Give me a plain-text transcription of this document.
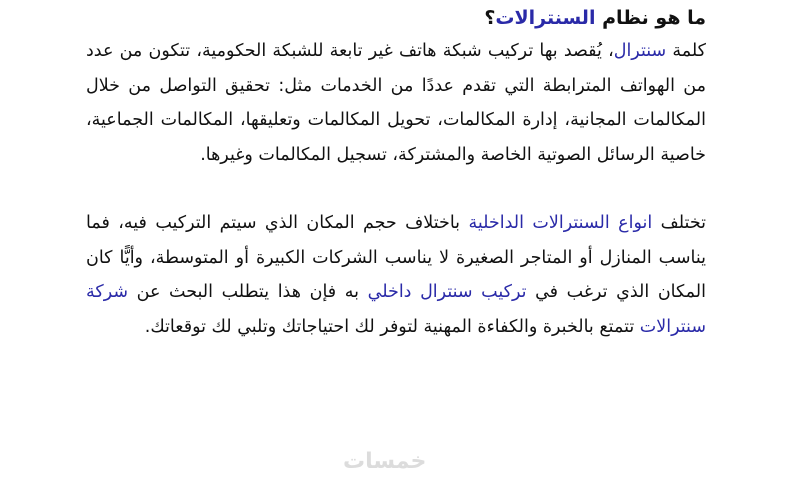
ما هو نظام السنترالات؟

كلمة سنترال، يُقصد بها تركيب شبكة هاتف غير تابعة للشبكة الحكومية، تتكون من عدد من الهواتف المترابطة التي تقدم عددًا من الخدمات مثل: تحقيق التواصل من خلال المكالمات المجانية، إدارة المكالمات، تحويل المكالمات وتعليقها، المكالمات الجماعية، خاصية الرسائل الصوتية الخاصة والمشتركة، تسجيل المكالمات وغيرها.

تختلف انواع السنترالات الداخلية باختلاف حجم المكان الذي سيتم التركيب فيه، فما يناسب المنازل أو المتاجر الصغيرة لا يناسب الشركات الكبيرة أو المتوسطة، وأيًّا كان المكان الذي ترغب في تركيب سنترال داخلي به فإن هذا يتطلب البحث عن شركة سنترالات تتمتع بالخبرة والكفاءة المهنية لتوفر لك احتياجاتك وتلبي لك توقعاتك.

خمسات
